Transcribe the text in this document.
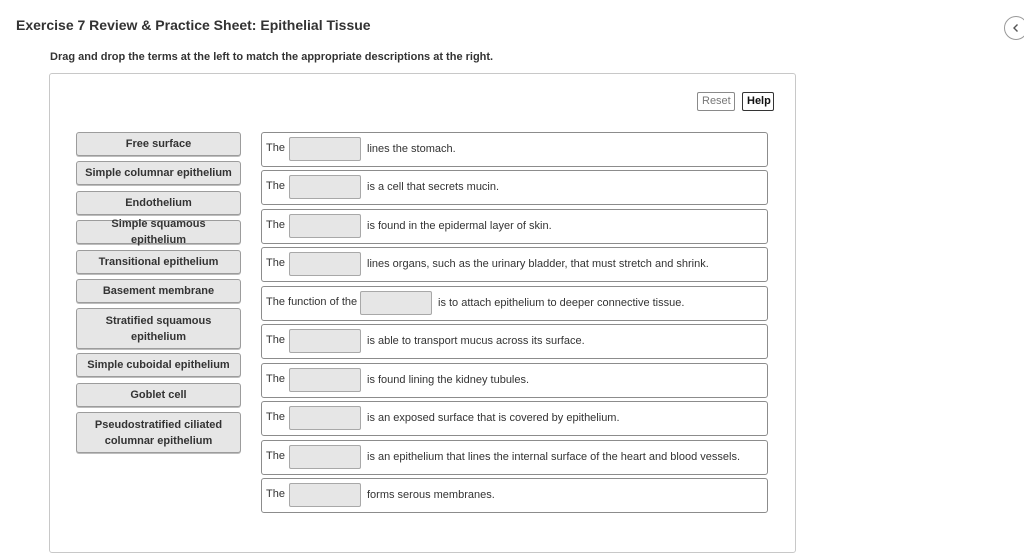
Exercise 7 Review & Practice Sheet: Epithelial Tissue
Drag and drop the terms at the left to match the appropriate descriptions at the right.
Reset	Help
Free surface
Simple columnar epithelium
Endothelium
Simple squamous epithelium
Transitional epithelium
Basement membrane
Stratified squamous epithelium
Simple cuboidal epithelium
Goblet cell
Pseudostratified ciliated columnar epithelium
The	lines the stomach.
The	is a cell that secrets mucin.
The	is found in the epidermal layer of skin.
The	lines organs, such as the urinary bladder, that must stretch and shrink.
The function of the	is to attach epithelium to deeper connective tissue.
The	is able to transport mucus across its surface.
The	is found lining the kidney tubules.
The	is an exposed surface that is covered by epithelium.
The	is an epithelium that lines the internal surface of the heart and blood vessels.
The	forms serous membranes.
